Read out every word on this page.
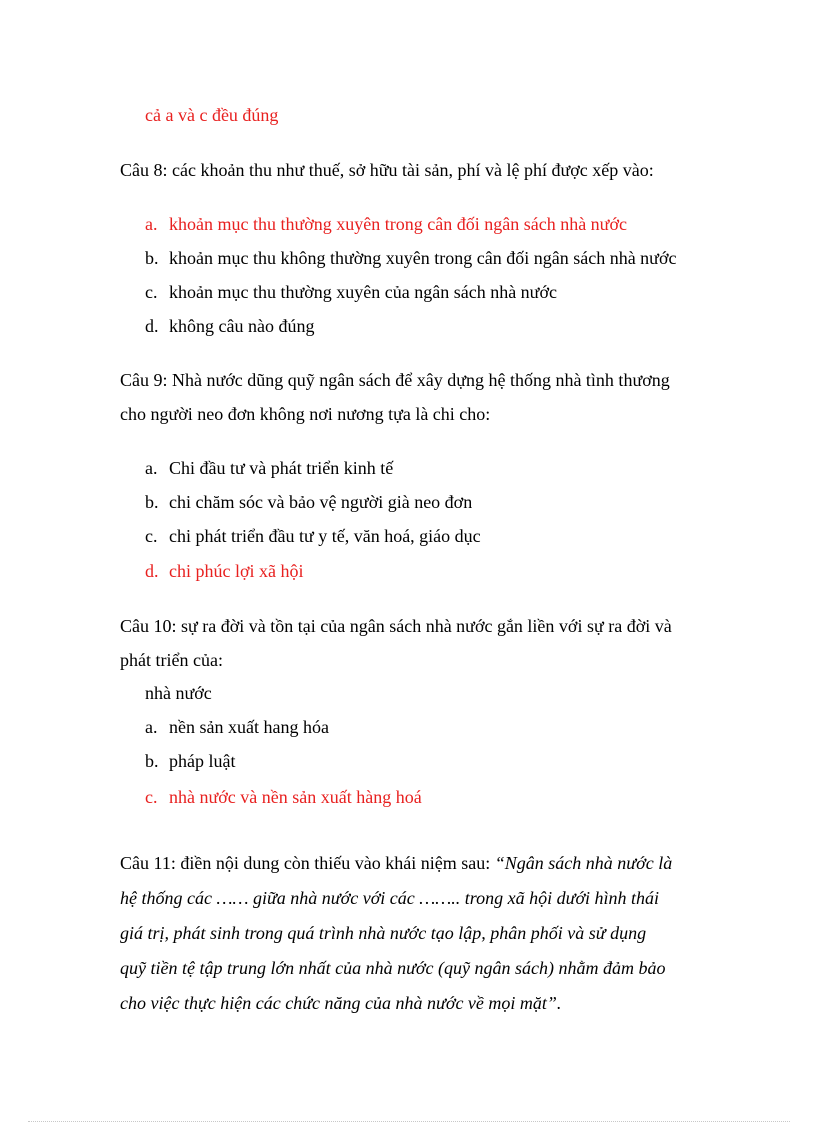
cả a và c đều đúng
Câu 8: các khoản thu như thuế, sở hữu tài sản, phí và lệ phí được xếp vào:
a. khoản mục thu thường xuyên trong cân đối ngân sách nhà nước
b. khoản mục thu không thường xuyên trong cân đối ngân sách nhà nước
c. khoản mục thu thường xuyên của ngân sách nhà nước
d. không câu nào đúng
Câu 9: Nhà nước dũng quỹ ngân sách để xây dựng hệ thống nhà tình thương
cho người neo đơn không nơi nương tựa là chi cho:
a. Chi đầu tư và phát triển kinh tế
b. chi chăm sóc và bảo vệ người già neo đơn
c. chi phát triển đầu tư y tế, văn hoá, giáo dục
d. chi phúc lợi xã hội
Câu 10: sự ra đời và tồn tại của ngân sách nhà nước gắn liền với sự ra đời và
phát triển của:
nhà nước
a. nền sản xuất hang hóa
b. pháp luật
c. nhà nước và nền sản xuất hàng hoá
Câu 11: điền nội dung còn thiếu vào khái niệm sau: “Ngân sách nhà nước là
hệ thống các …… giữa nhà nước với các …….. trong xã hội dưới hình thái
giá trị, phát sinh trong quá trình nhà nước tạo lập, phân phối và sử dụng
quỹ tiền tệ tập trung lớn nhất của nhà nước (quỹ ngân sách) nhằm đảm bảo
cho việc thực hiện các chức năng của nhà nước về mọi mặt”.
